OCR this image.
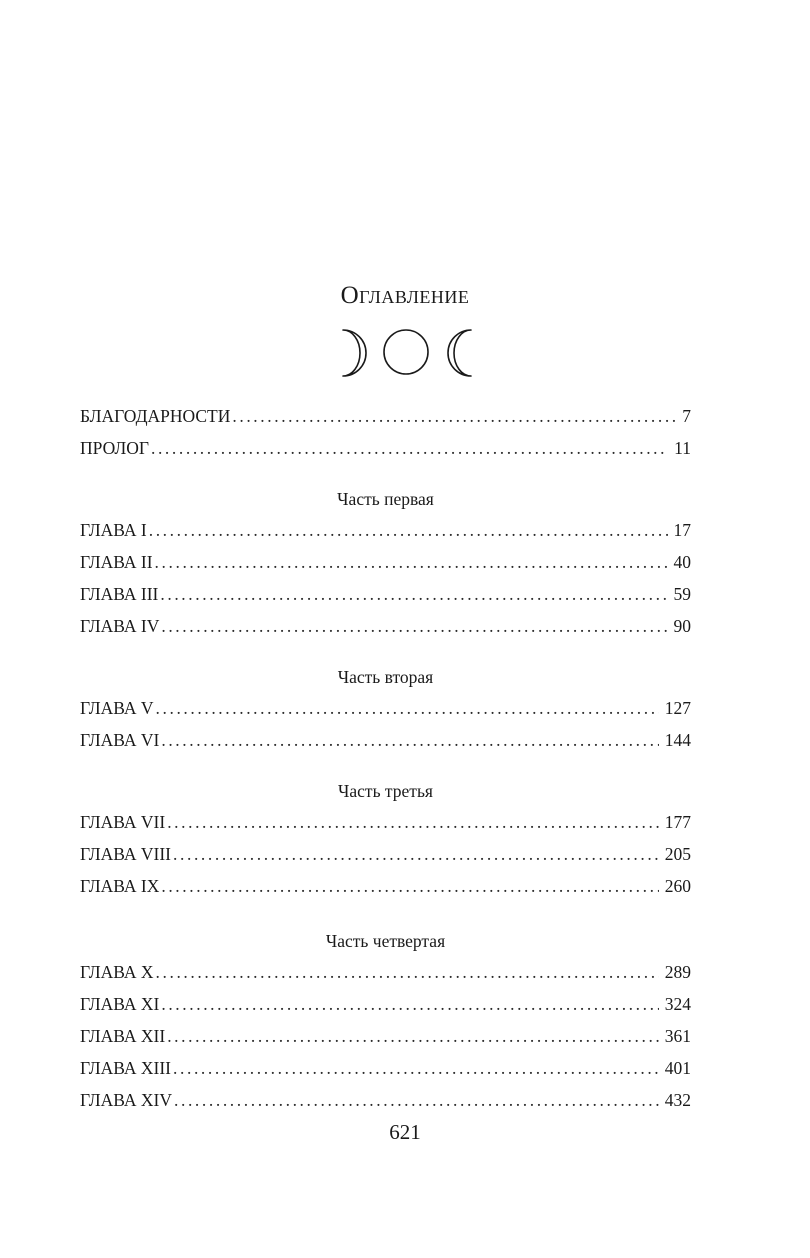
Оглавление
БЛАГОДАРНОСТИ .....	7
ПРОЛОГ .....	11
Часть первая
ГЛАВА I .....	17
ГЛАВА II .....	40
ГЛАВА III .....	59
ГЛАВА IV .....	90
Часть вторая
ГЛАВА V .....	127
ГЛАВА VI .....	144
Часть третья
ГЛАВА VII .....	177
ГЛАВА VIII .....	205
ГЛАВА IX .....	260
Часть четвертая
ГЛАВА X .....	289
ГЛАВА XI .....	324
ГЛАВА XII .....	361
ГЛАВА XIII .....	401
ГЛАВА XIV .....	432
621
